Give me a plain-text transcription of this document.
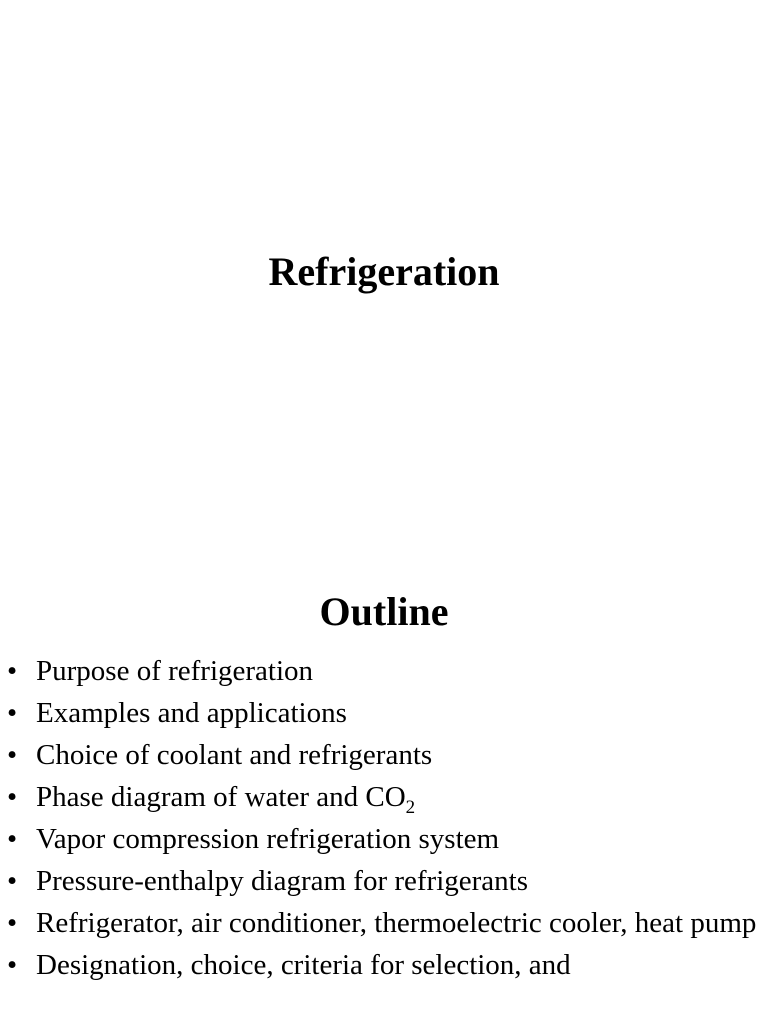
Refrigeration
Outline
• Purpose of refrigeration
• Examples and applications
• Choice of coolant and refrigerants
• Phase diagram of water and $CO_2$
• Vapor compression refrigeration system
• Pressure-enthalpy diagram for refrigerants
• Refrigerator, air conditioner, thermoelectric cooler, heat pump
• Designation, choice, criteria for selection, and
